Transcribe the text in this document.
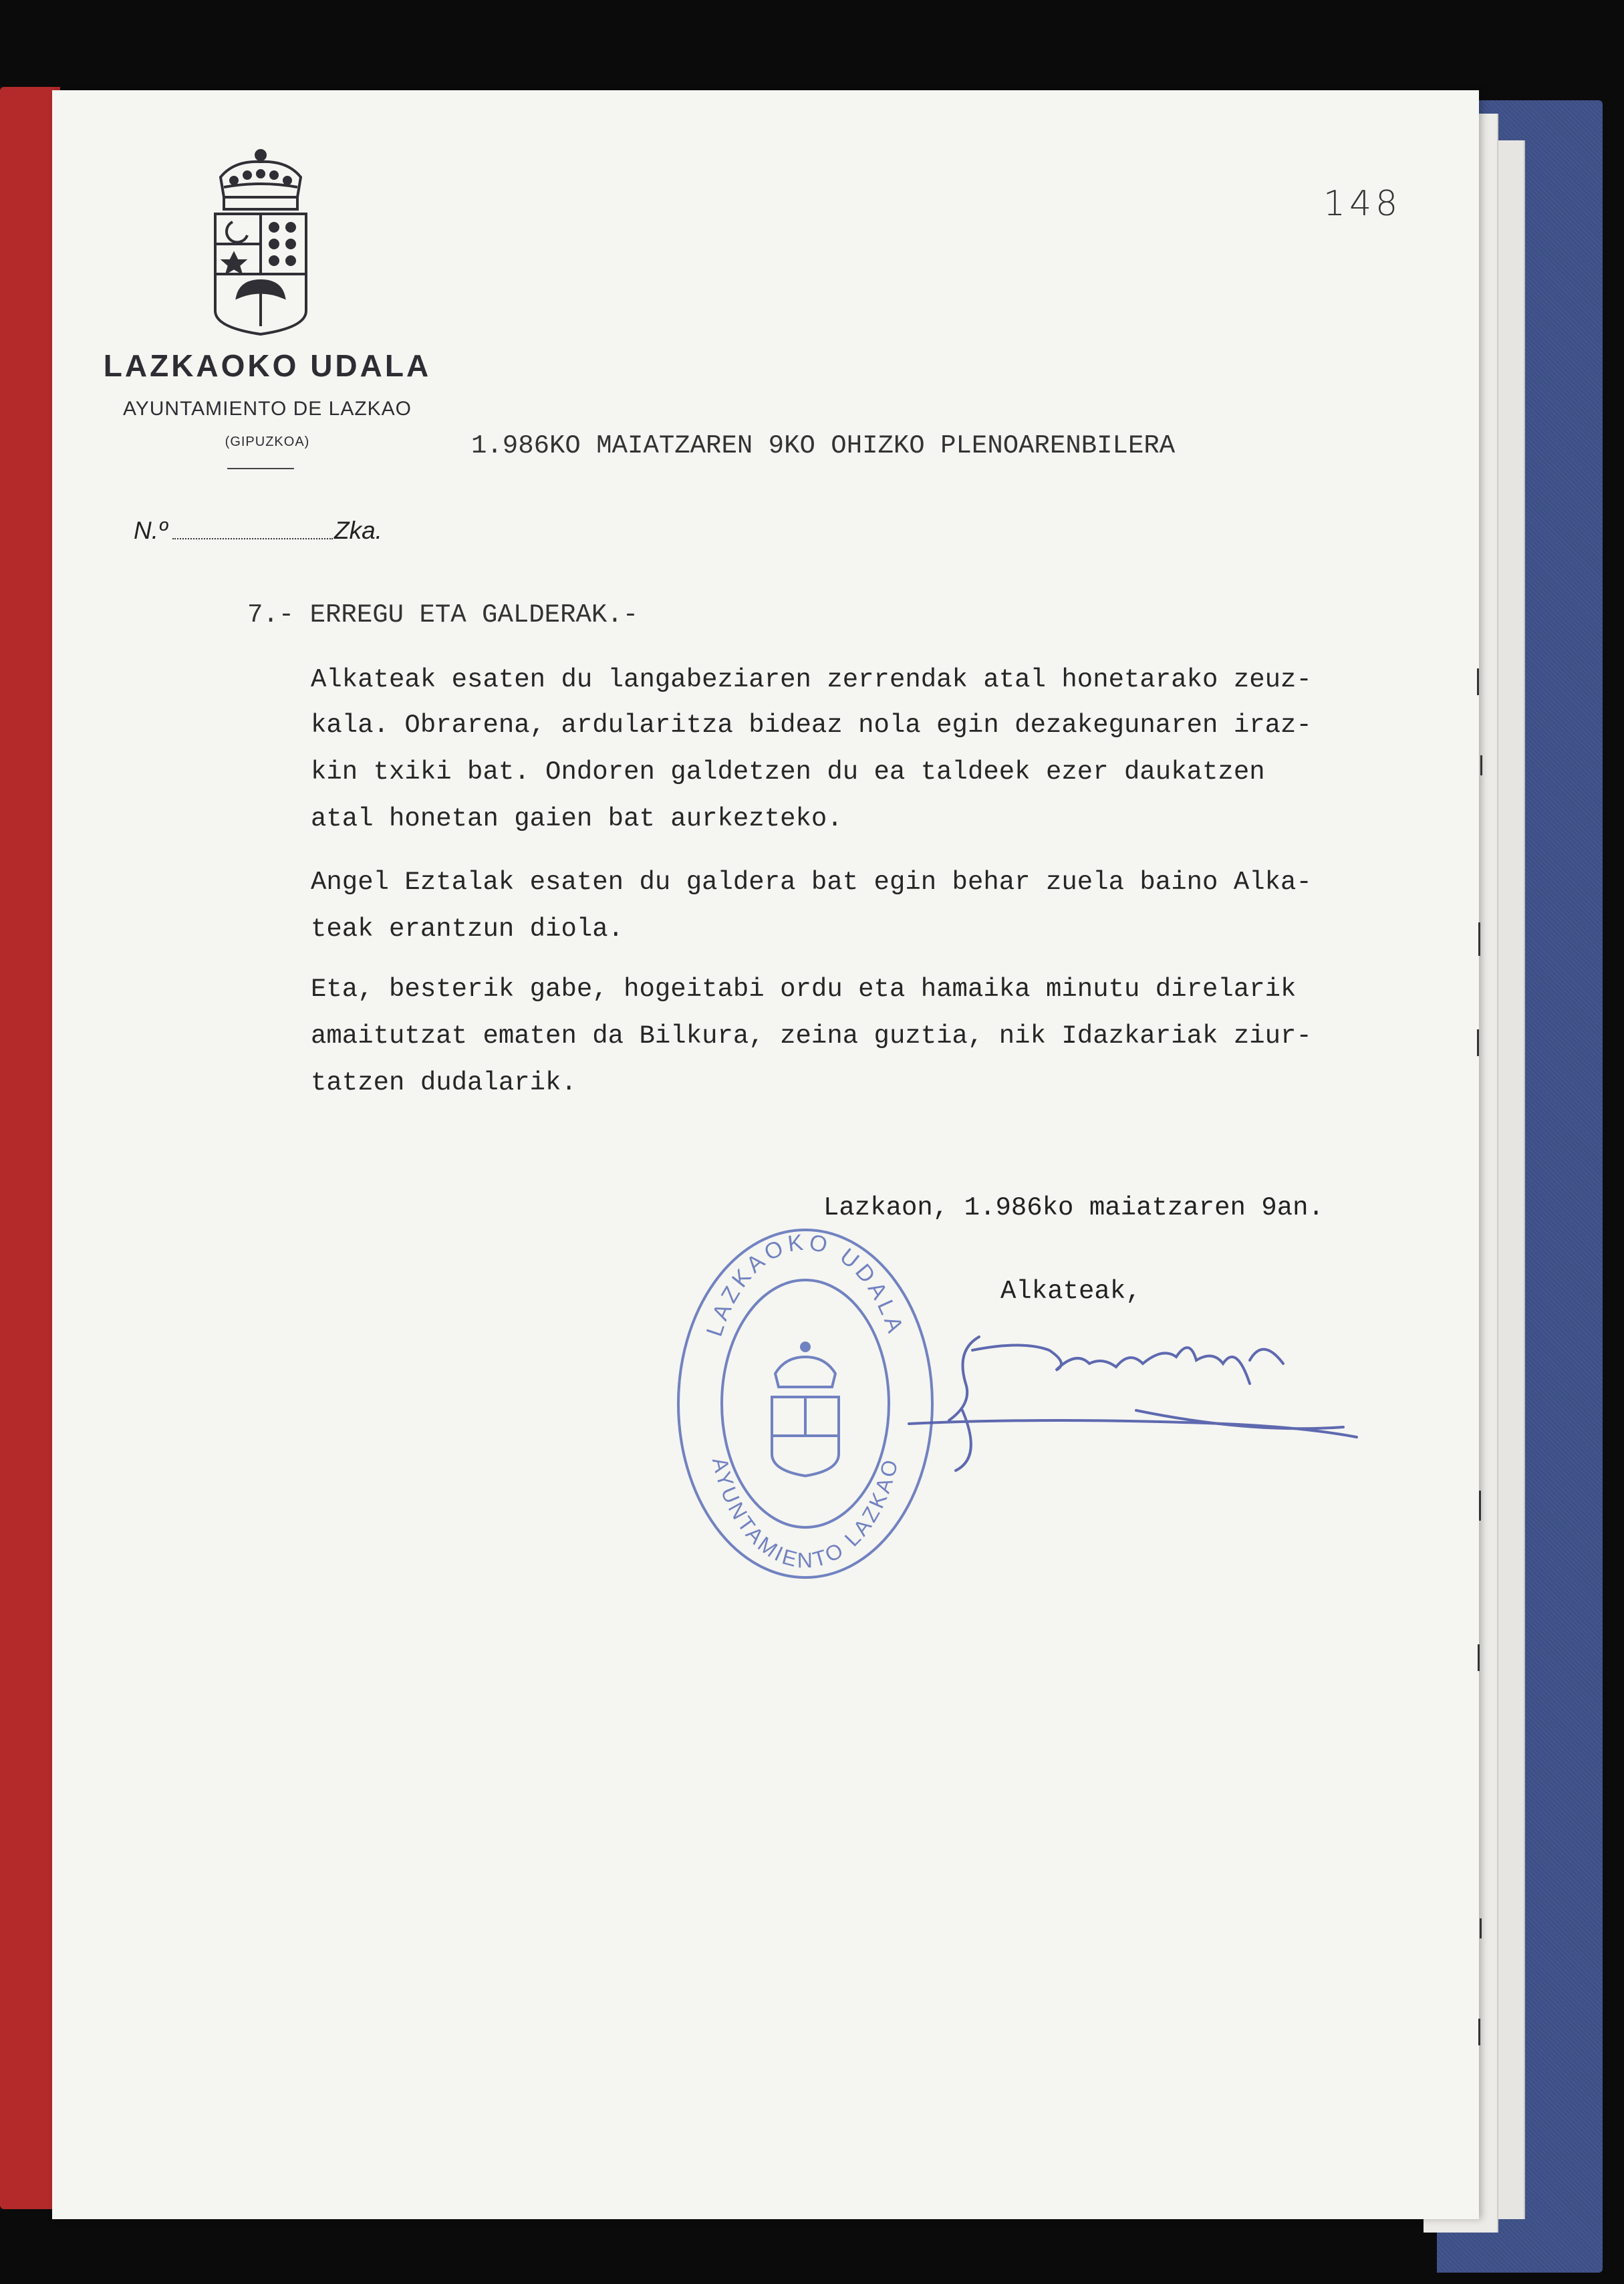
LAZKAOKO UDALA
AYUNTAMIENTO DE LAZKAO
(GIPUZKOA)
148
1.986KO MAIATZAREN 9KO OHIZKO PLENOARENBILERA
N.º	Zka.
7.- ERREGU ETA GALDERAK.-
Alkateak esaten du langabeziaren zerrendak atal honetarako zeuz-
kala. Obrarena, ardularitza bideaz nola egin dezakegunaren iraz-
kin txiki bat. Ondoren galdetzen du ea taldeek ezer daukatzen
atal honetan gaien bat aurkezteko.
Angel Eztalak esaten du galdera bat egin behar zuela baino Alka-
teak erantzun diola.
Eta, besterik gabe, hogeitabi ordu eta hamaika minutu direlarik
amaitutzat ematen da Bilkura, zeina guztia, nik Idazkariak ziur-
tatzen dudalarik.
Lazkaon, 1.986ko maiatzaren 9an.
LAZKAOKO UDALA
AYUNTAMIENTO LAZKAO
Alkateak,
